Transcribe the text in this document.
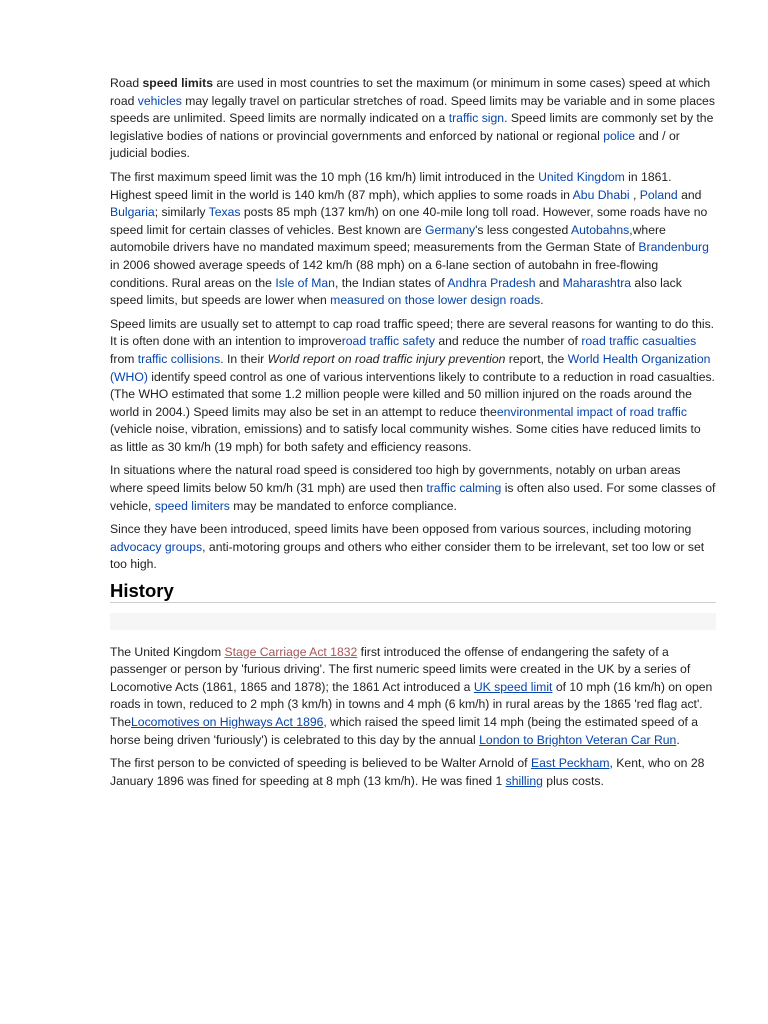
Road speed limits are used in most countries to set the maximum (or minimum in some cases) speed at which road vehicles may legally travel on particular stretches of road. Speed limits may be variable and in some places speeds are unlimited. Speed limits are normally indicated on a traffic sign. Speed limits are commonly set by the legislative bodies of nations or provincial governments and enforced by national or regional police and / or judicial bodies.

The first maximum speed limit was the 10 mph (16 km/h) limit introduced in the United Kingdom in 1861. Highest speed limit in the world is 140 km/h (87 mph), which applies to some roads in Abu Dhabi , Poland and Bulgaria; similarly Texas posts 85 mph (137 km/h) on one 40-mile long toll road. However, some roads have no speed limit for certain classes of vehicles. Best known are Germany's less congested Autobahns,where automobile drivers have no mandated maximum speed; measurements from the German State of Brandenburg in 2006 showed average speeds of 142 km/h (88 mph) on a 6-lane section of autobahn in free-flowing conditions. Rural areas on the Isle of Man, the Indian states of Andhra Pradesh and Maharashtra also lack speed limits, but speeds are lower when measured on those lower design roads.

Speed limits are usually set to attempt to cap road traffic speed; there are several reasons for wanting to do this. It is often done with an intention to improveroad traffic safety and reduce the number of road traffic casualties from traffic collisions. In their World report on road traffic injury prevention report, the World Health Organization (WHO) identify speed control as one of various interventions likely to contribute to a reduction in road casualties. (The WHO estimated that some 1.2 million people were killed and 50 million injured on the roads around the world in 2004.) Speed limits may also be set in an attempt to reduce theenvironmental impact of road traffic (vehicle noise, vibration, emissions) and to satisfy local community wishes. Some cities have reduced limits to as little as 30 km/h (19 mph) for both safety and efficiency reasons.

In situations where the natural road speed is considered too high by governments, notably on urban areas where speed limits below 50 km/h (31 mph) are used then traffic calming is often also used. For some classes of vehicle, speed limiters may be mandated to enforce compliance.

Since they have been introduced, speed limits have been opposed from various sources, including motoring advocacy groups, anti-motoring groups and others who either consider them to be irrelevant, set too low or set too high.

History

The United Kingdom Stage Carriage Act 1832 first introduced the offense of endangering the safety of a passenger or person by 'furious driving'. The first numeric speed limits were created in the UK by a series of Locomotive Acts (1861, 1865 and 1878); the 1861 Act introduced a UK speed limit of 10 mph (16 km/h) on open roads in town, reduced to 2 mph (3 km/h) in towns and 4 mph (6 km/h) in rural areas by the 1865 'red flag act'. TheLocomotives on Highways Act 1896, which raised the speed limit 14 mph (being the estimated speed of a horse being driven 'furiously') is celebrated to this day by the annual London to Brighton Veteran Car Run.

The first person to be convicted of speeding is believed to be Walter Arnold of East Peckham, Kent, who on 28 January 1896 was fined for speeding at 8 mph (13 km/h). He was fined 1 shilling plus costs.
